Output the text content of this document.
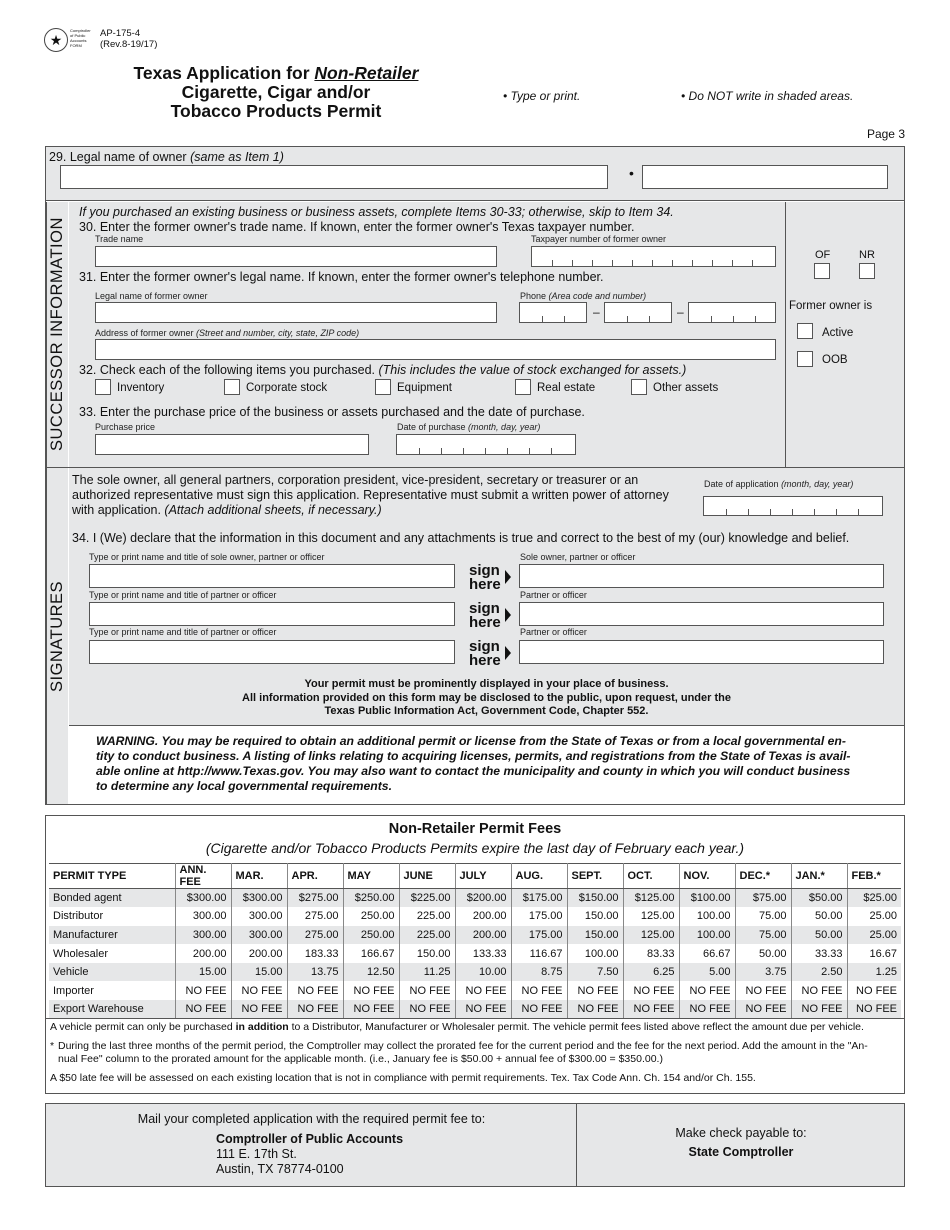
★
Comptroller of Public Accounts FORM
AP-175-4
(Rev.8-19/17)
Texas Application for Non-Retailer
Cigarette, Cigar and/or
Tobacco Products Permit
• Type or print.	• Do NOT write in shaded areas.
Page 3
29. Legal name of owner (same as Item 1)
•
SUCCESSOR INFORMATION
If you purchased an existing business or business assets, complete Items 30-33; otherwise, skip to Item 34.
30. Enter the former owner's trade name. If known, enter the former owner's Texas taxpayer number.
Trade name	Taxpayer number of former owner
31. Enter the former owner's legal name. If known, enter the former owner's telephone number.
Legal name of former owner	Phone (Area code and number)
–	–
Address of former owner (Street and number, city, state, ZIP code)
32. Check each of the following items you purchased. (This includes the value of stock exchanged for assets.)
Inventory	Corporate stock	Equipment	Real estate	Other assets
33. Enter the purchase price of the business or assets purchased and the date of purchase.
Purchase price	Date of purchase (month, day, year)
OF	NR
Former owner is
Active
OOB
SIGNATURES
The sole owner, all general partners, corporation president, vice-president, secretary or treasurer or an
authorized representative must sign this application. Representative must submit a written power of attorney
with application. (Attach additional sheets, if necessary.)
Date of application (month, day, year)
34. I (We) declare that the information in this document and any attachments is true and correct to the best of my (our) knowledge and belief.
Type or print name and title of sole owner, partner or officer
sign
here
Sole owner, partner or officer
Type or print name and title of partner or officer
sign
here
Partner or officer
Type or print name and title of partner or officer
sign
here
Partner or officer
Your permit must be prominently displayed in your place of business.
All information provided on this form may be disclosed to the public, upon request, under the
Texas Public Information Act, Government Code, Chapter 552.
WARNING. You may be required to obtain an additional permit or license from the State of Texas or from a local governmental en-
tity to conduct business. A listing of links relating to acquiring licenses, permits, and registrations from the State of Texas is avail-
able online at http://www.Texas.gov. You may also want to contact the municipality and county in which you will conduct business
to determine any local governmental requirements.
Non-Retailer Permit Fees
(Cigarette and/or Tobacco Products Permits expire the last day of February each year.)
PERMIT TYPE	ANN. FEE	MAR.	APR.	MAY	JUNE	JULY	AUG.	SEPT.	OCT.	NOV.	DEC.*	JAN.*	FEB.*
Bonded agent	$300.00	$300.00	$275.00	$250.00	$225.00	$200.00	$175.00	$150.00	$125.00	$100.00	$75.00	$50.00	$25.00
Distributor	300.00	300.00	275.00	250.00	225.00	200.00	175.00	150.00	125.00	100.00	75.00	50.00	25.00
Manufacturer	300.00	300.00	275.00	250.00	225.00	200.00	175.00	150.00	125.00	100.00	75.00	50.00	25.00
Wholesaler	200.00	200.00	183.33	166.67	150.00	133.33	116.67	100.00	83.33	66.67	50.00	33.33	16.67
Vehicle	15.00	15.00	13.75	12.50	11.25	10.00	8.75	7.50	6.25	5.00	3.75	2.50	1.25
Importer	NO FEE	NO FEE	NO FEE	NO FEE	NO FEE	NO FEE	NO FEE	NO FEE	NO FEE	NO FEE	NO FEE	NO FEE	NO FEE
Export Warehouse	NO FEE	NO FEE	NO FEE	NO FEE	NO FEE	NO FEE	NO FEE	NO FEE	NO FEE	NO FEE	NO FEE	NO FEE	NO FEE
A vehicle permit can only be purchased in addition to a Distributor, Manufacturer or Wholesaler permit. The vehicle permit fees listed above reflect the amount due per vehicle.
* During the last three months of the permit period, the Comptroller may collect the prorated fee for the current period and the fee for the next period. Add the amount in the "An-
nual Fee" column to the prorated amount for the applicable month. (i.e., January fee is $50.00 + annual fee of $300.00 = $350.00.)
A $50 late fee will be assessed on each existing location that is not in compliance with permit requirements. Tex. Tax Code Ann. Ch. 154 and/or Ch. 155.
Mail your completed application with the required permit fee to:
Comptroller of Public Accounts
111 E. 17th St.
Austin, TX 78774-0100
Make check payable to:
State Comptroller
